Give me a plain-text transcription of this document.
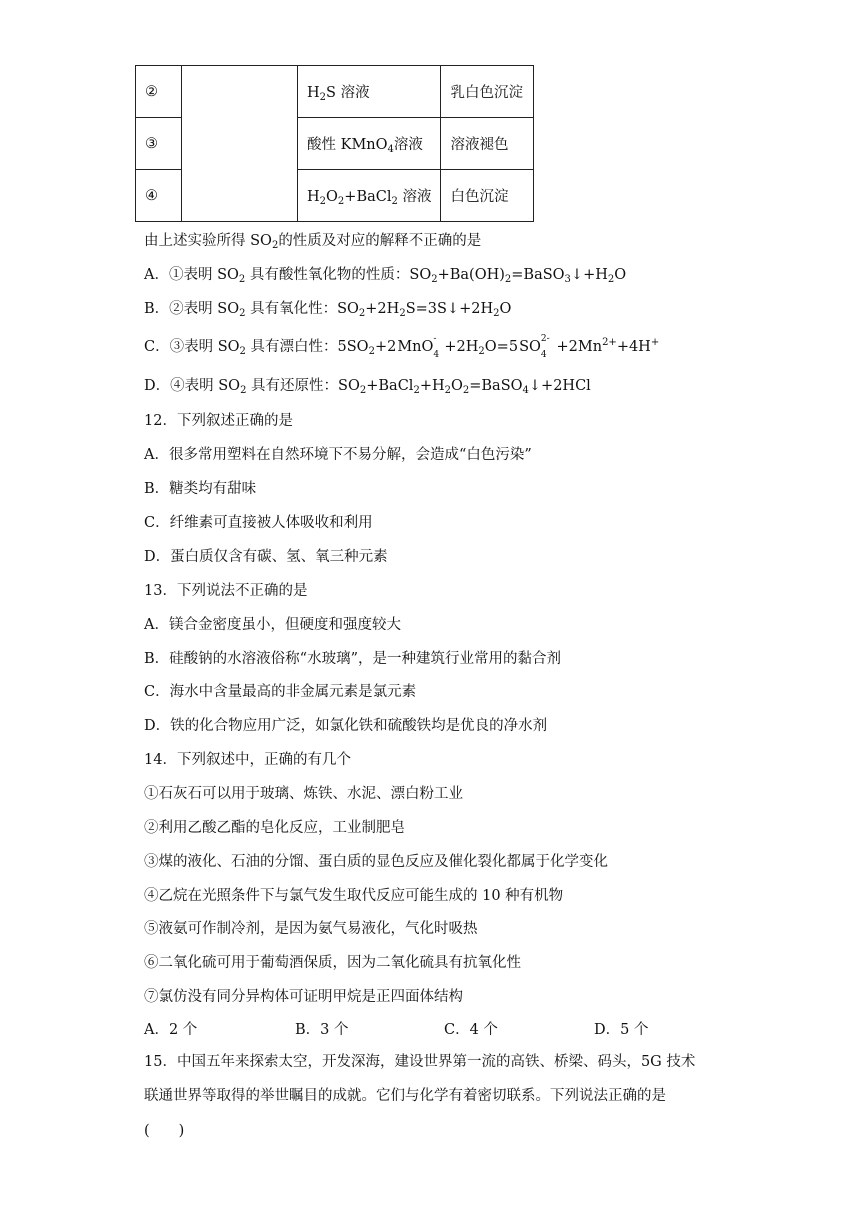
②		$H_2S$ 溶液	乳白色沉淀
③		酸性 KMnO$_4$溶液	溶液褪色
④		$H_2O_2+BaCl_2$ 溶液	白色沉淀
由上述实验所得 $SO_2$的性质及对应的解释不正确的是
A．①表明 $SO_2$ 具有酸性氧化物的性质：$SO_2+Ba(OH)_2=BaSO_3↓+H_2O$
B．②表明 $SO_2$ 具有氧化性：$SO_2+2H_2S=3S↓+2H_2O$
C．③表明 $SO_2$ 具有漂白性：$5SO_2+2MnO$ -
$4 +2H_2O=5SO$ 2-
$4 +2Mn^{2+}+4H^+$
D．④表明 $SO_2$ 具有还原性：$SO_2+BaCl_2+H_2O_2=BaSO_4↓+2HCl$
12．下列叙述正确的是
A．很多常用塑料在自然环境下不易分解，会造成“白色污染”
B．糖类均有甜味
C．纤维素可直接被人体吸收和利用
D．蛋白质仅含有碳、氢、氧三种元素
13．下列说法不正确的是
A．镁合金密度虽小，但硬度和强度较大
B．硅酸钠的水溶液俗称“水玻璃”，是一种建筑行业常用的黏合剂
C．海水中含量最高的非金属元素是氯元素
D．铁的化合物应用广泛，如氯化铁和硫酸铁均是优良的净水剂
14．下列叙述中，正确的有几个
①石灰石可以用于玻璃、炼铁、水泥、漂白粉工业
②利用乙酸乙酯的皂化反应，工业制肥皂
③煤的液化、石油的分馏、蛋白质的显色反应及催化裂化都属于化学变化
④乙烷在光照条件下与氯气发生取代反应可能生成的 10 种有机物
⑤液氨可作制冷剂，是因为氨气易液化，气化时吸热
⑥二氧化硫可用于葡萄酒保质，因为二氧化硫具有抗氧化性
⑦氯仿没有同分异构体可证明甲烷是正四面体结构
A．2 个	B．3 个	C．4 个	D．5 个
15．中国五年来探索太空，开发深海，建设世界第一流的高铁、桥梁、码头，5G 技术
联通世界等取得的举世瞩目的成就。它们与化学有着密切联系。下列说法正确的是
(　　)
